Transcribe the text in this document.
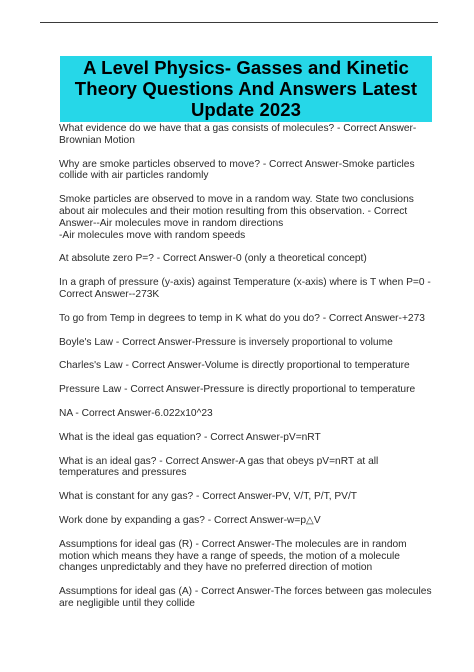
A Level Physics- Gasses and Kinetic Theory Questions And Answers Latest Update 2023

What evidence do we have that a gas consists of molecules? - Correct Answer-Brownian Motion

Why are smoke particles observed to move? - Correct Answer-Smoke particles collide with air particles randomly

Smoke particles are observed to move in a random way. State two conclusions about air molecules and their motion resulting from this observation. - Correct Answer--Air molecules move in random directions
-Air molecules move with random speeds

At absolute zero P=? - Correct Answer-0 (only a theoretical concept)

In a graph of pressure (y-axis) against Temperature (x-axis) where is T when P=0 - Correct Answer--273K

To go from Temp in degrees to temp in K what do you do? - Correct Answer-+273

Boyle's Law - Correct Answer-Pressure is inversely proportional to volume

Charles's Law - Correct Answer-Volume is directly proportional to temperature

Pressure Law - Correct Answer-Pressure is directly proportional to temperature

NA - Correct Answer-6.022x10^23

What is the ideal gas equation? - Correct Answer-pV=nRT

What is an ideal gas? - Correct Answer-A gas that obeys pV=nRT at all temperatures and pressures

What is constant for any gas? - Correct Answer-PV, V/T, P/T, PV/T

Work done by expanding a gas? - Correct Answer-w=p△V

Assumptions for ideal gas (R) - Correct Answer-The molecules are in random motion which means they have a range of speeds, the motion of a molecule changes unpredictably and they have no preferred direction of motion

Assumptions for ideal gas (A) - Correct Answer-The forces between gas molecules are negligible until they collide
